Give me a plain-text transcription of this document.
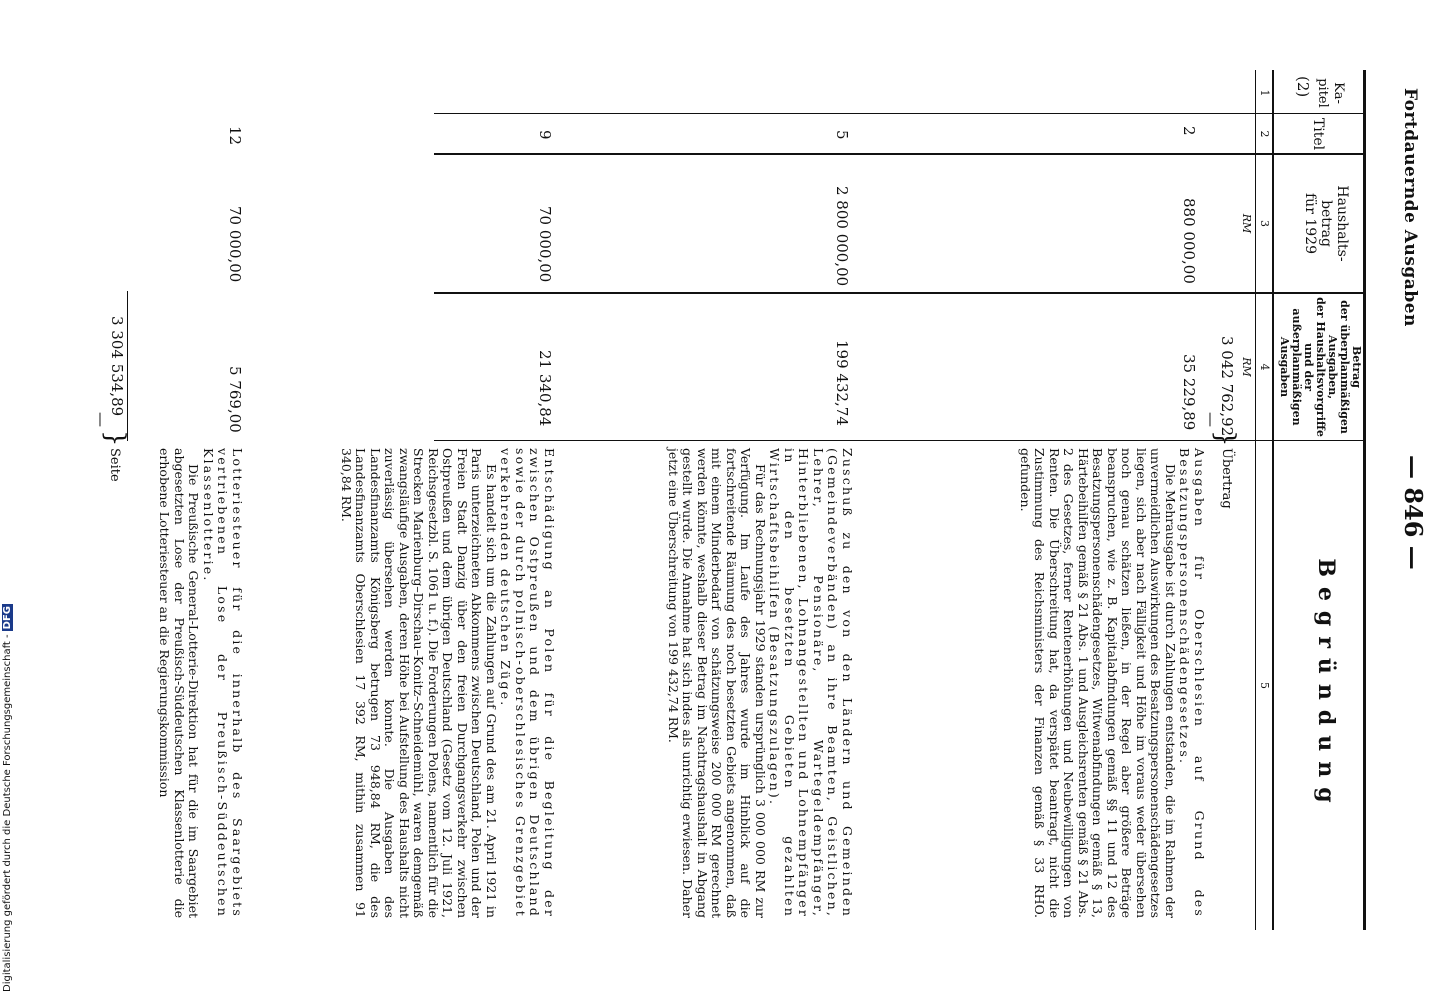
Fortdauernde Ausgaben
— 846 —
Ka-
pitel
Titel
Haushalts-
betrag
für 1929
Betrag
der überplanmäßigen
Ausgaben,
der Haushaltsvorgriffe
und der
außerplanmäßigen
Ausgaben
Begründung
1
2
3
4
5
RM
RM
(2)
3 042 762,92
—
}
Übertrag
2
880 000,00
35 229,89

Ausgaben für Oberschlesien auf Grund des Besatzungspersonenschädengesetzes.

Die Mehrausgabe ist durch Zahlungen entstanden, die im Rahmen der unvermeidlichen Auswirkungen des Besatzungspersonenschädengesetzes liegen, sich aber nach Fälligkeit und Höhe im voraus weder übersehen noch genau schätzen ließen, in der Regel aber größere Beträge beanspruchen, wie z. B. Kapitalabfindungen gemäß §§ 11 und 12 des Besatzungspersonenschädengesetzes, Witwenabfindungen gemäß § 13, Härtebeihilfen gemäß § 21 Abs. 1 und Ausgleichsrenten gemäß § 21 Abs. 2 des Gesetzes, ferner Rentenerhöhungen und Neubewilligungen von Renten. Die Überschreitung hat, da verspätet beantragt, nicht die Zustimmung des Reichsministers der Finanzen gemäß § 33 RHO. gefunden.

5
2 800 000,00
199 432,74

Zuschuß zu den von den Ländern und Gemeinden (Gemeindeverbänden) an ihre Beamten, Geistlichen, Lehrer, Pensionäre, Wartegeldempfänger, Hinterbliebenen, Lohnangestellten und Lohnempfänger in den besetzten Gebieten gezahlten Wirtschaftsbeihilfen (Besatzungszulagen).

Für das Rechnungsjahr 1929 standen ursprünglich 3 000 000 RM zur Verfügung. Im Laufe des Jahres wurde im Hinblick auf die fortschreitende Räumung des noch besetzten Gebiets angenommen, daß mit einem Minderbedarf von schätzungsweise 200 000 RM gerechnet werden könnte, weshalb dieser Betrag im Nachtragshaushalt in Abgang gestellt wurde. Die Annahme hat sich indes als unrichtig erwiesen. Daher jetzt eine Überschreitung von 199 432,74 RM.

9
70 000,00
21 340,84

Entschädigung an Polen für die Begleitung der zwischen Ostpreußen und dem übrigen Deutschland sowie der durch polnisch-oberschlesisches Grenzgebiet verkehrenden deutschen Züge.

Es handelt sich um die Zahlungen auf Grund des am 21. April 1921 in Paris unterzeichneten Abkommens zwischen Deutschland, Polen und der Freien Stadt Danzig über den freien Durchgangsverkehr zwischen Ostpreußen und dem übrigen Deutschland (Gesetz vom 12. Juli 1921, Reichsgesetzbl. S. 1061 u. f.). Die Forderungen Polens, namentlich für die Strecken Marienburg–Dirschau–Konitz–Schneidemühl, waren demgemäß zwangsläufige Ausgaben, deren Höhe bei Aufstellung des Haushalts nicht zuverlässig übersehen werden konnte. Die Ausgaben des Landesfinanzamts Königsberg betrugen 73 948,84 RM, die des Landesfinanzamts Oberschlesien 17 392 RM, mithin zusammen 91 340,84 RM.

12
70 000,00
5 769,00

Lotteriesteuer für die innerhalb des Saargebiets vertriebenen Lose der Preußisch-Süddeutschen Klassenlotterie.

Die Preußische General-Lotterie-Direktion hat für die im Saargebiet abgesetzten Lose der Preußisch-Süddeutschen Klassenlotterie die erhobene Lotteriesteuer an die Regierungskommission

3 304 534,89
—
}
Seite
Digitalisierung gefördert durch die Deutsche Forschungsgemeinschaft -DFG
